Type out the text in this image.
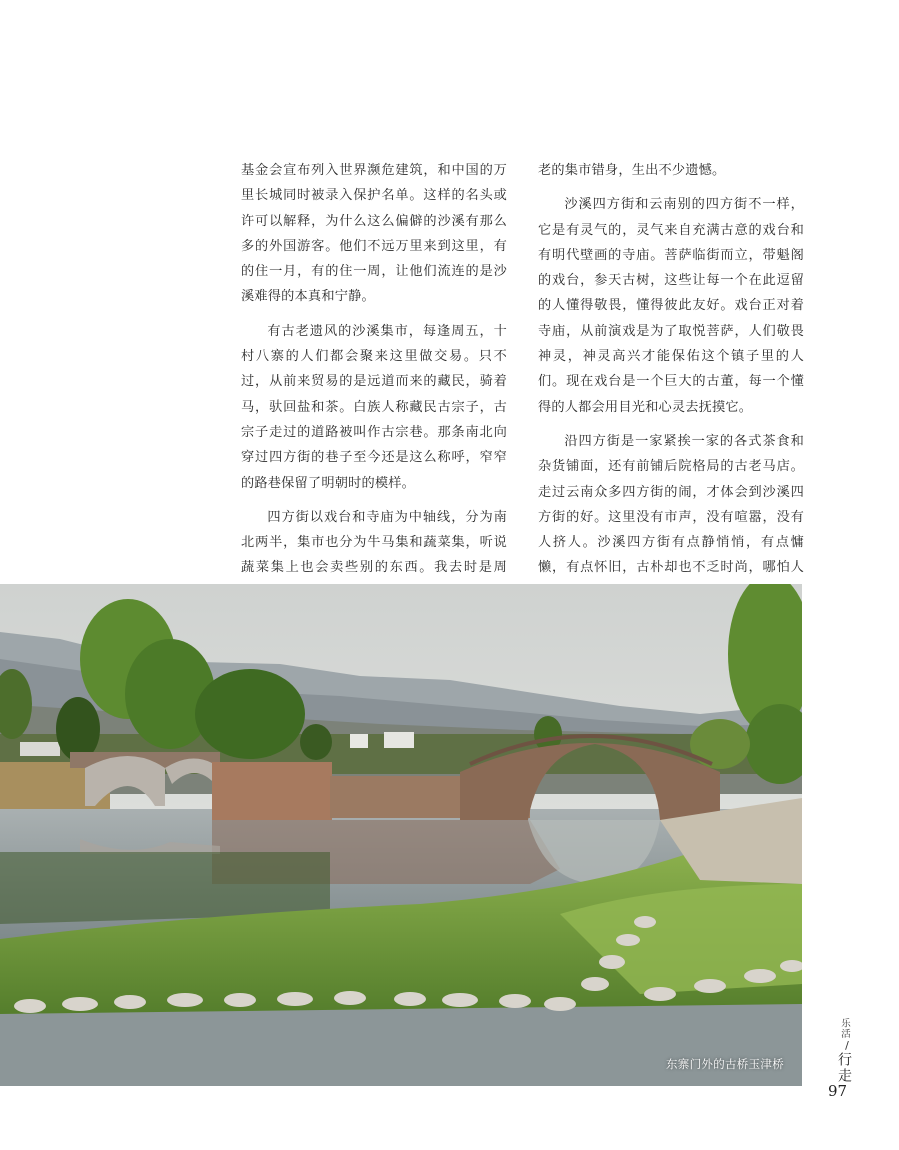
基金会宣布列入世界濒危建筑，和中国的万里长城同时被录入保护名单。这样的名头或许可以解释，为什么这么偏僻的沙溪有那么多的外国游客。他们不远万里来到这里，有的住一月，有的住一周，让他们流连的是沙溪难得的本真和宁静。

有古老遗风的沙溪集市，每逢周五，十村八寨的人们都会聚来这里做交易。只不过，从前来贸易的是远道而来的藏民，骑着马，驮回盐和茶。白族人称藏民古宗子，古宗子走过的道路被叫作古宗巷。那条南北向穿过四方街的巷子至今还是这么称呼，窄窄的路巷保留了明朝时的模样。

四方街以戏台和寺庙为中轴线，分为南北两半，集市也分为牛马集和蔬菜集，听说蔬菜集上也会卖些别的东西。我去时是周

老的集市错身，生出不少遗憾。

沙溪四方街和云南别的四方街不一样，它是有灵气的，灵气来自充满古意的戏台和有明代壁画的寺庙。菩萨临街而立，带魁阁的戏台，参天古树，这些让每一个在此逗留的人懂得敬畏，懂得彼此友好。戏台正对着寺庙，从前演戏是为了取悦菩萨，人们敬畏神灵，神灵高兴才能保佑这个镇子里的人们。现在戏台是一个巨大的古董，每一个懂得的人都会用目光和心灵去抚摸它。

沿四方街是一家紧挨一家的各式茶食和杂货铺面，还有前铺后院格局的古老马店。走过云南众多四方街的闹，才体会到沙溪四方街的好。这里没有市声，没有喧嚣，没有人挤人。沙溪四方街有点静悄悄，有点慵懒，有点怀旧，古朴却也不乏时尚，哪怕人

东寨门外的古桥玉津桥
乐活
/
行走
97
